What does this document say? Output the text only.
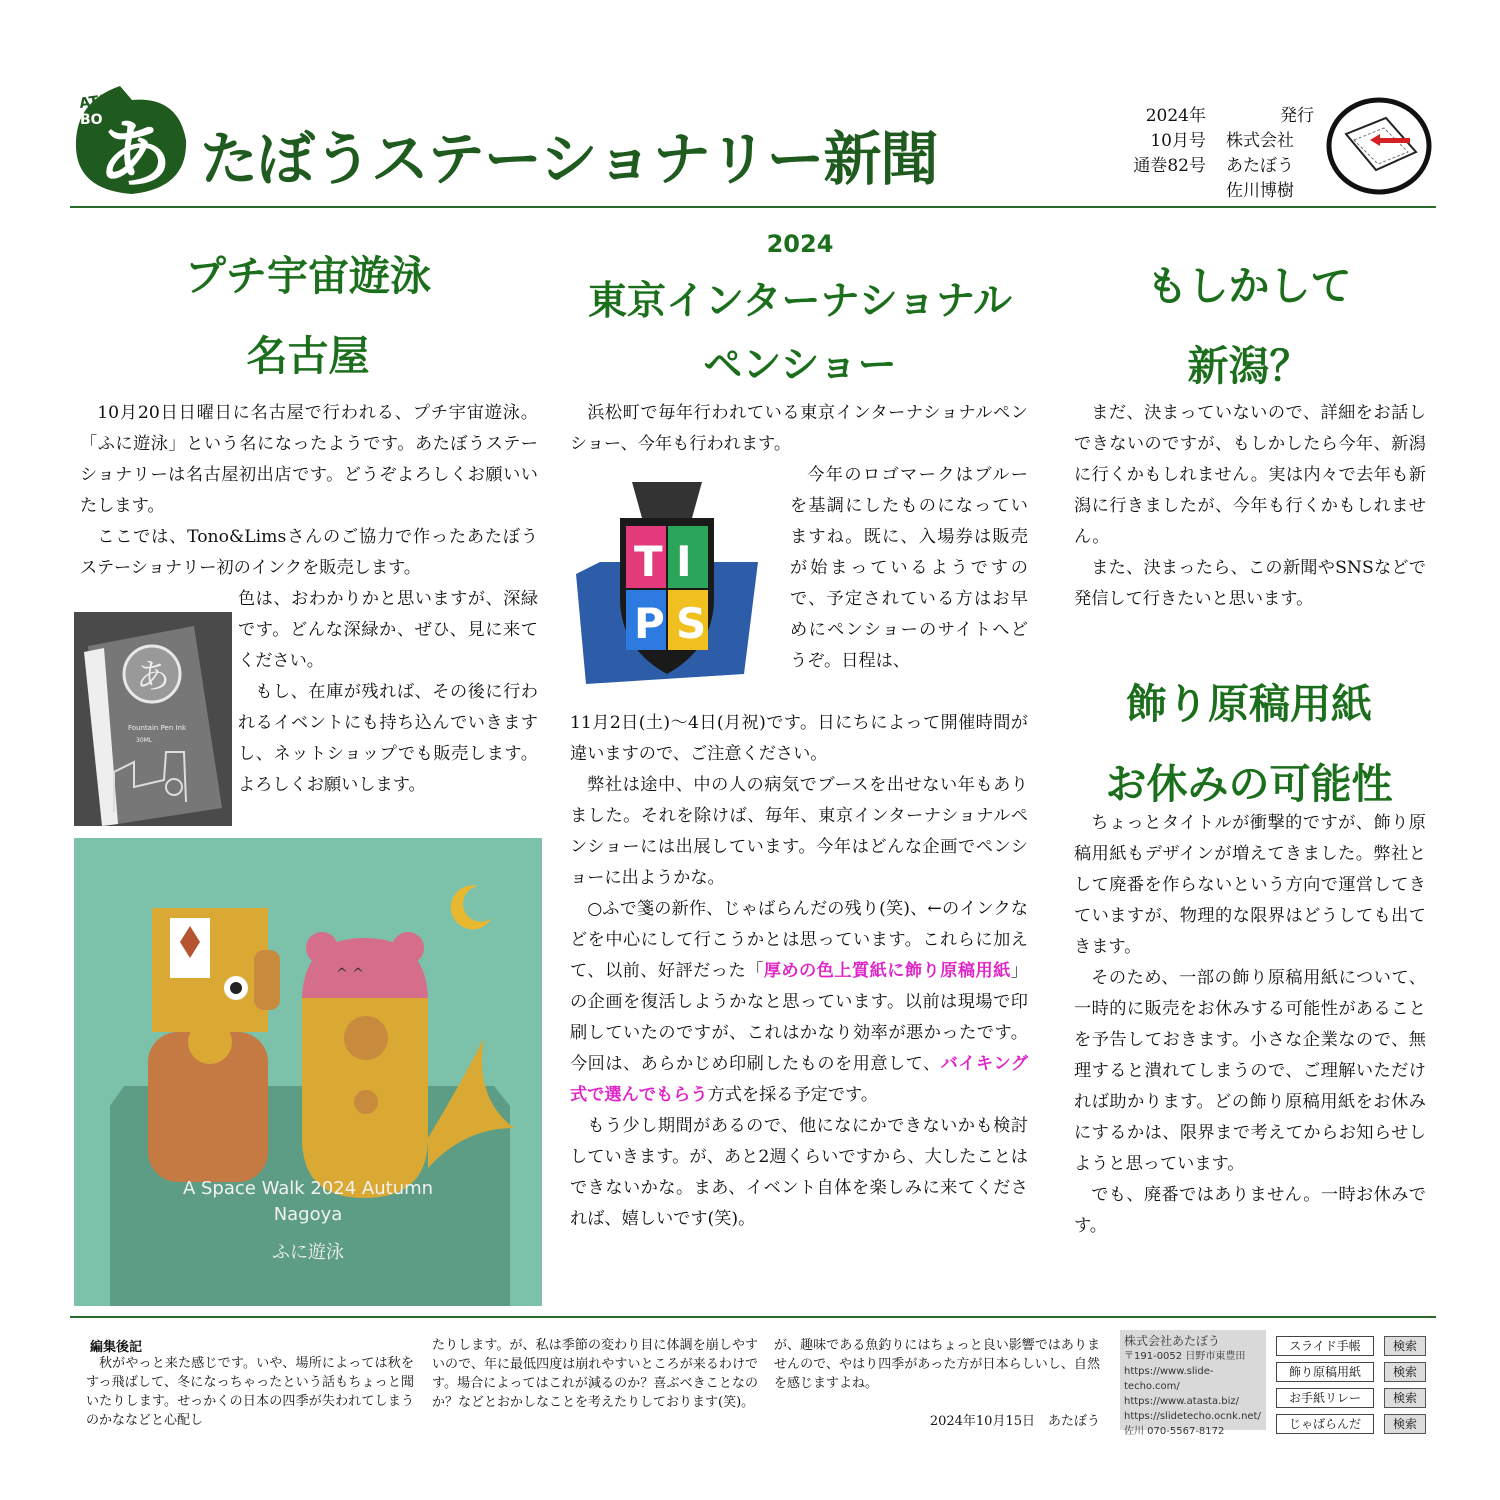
ATA
BO
あ たぼうステーショナリー新聞
2024年
10月号
通巻82号
発行
株式会社
あたぼう
佐川博樹
プチ宇宙遊泳
名古屋

10月20日日曜日に名古屋で行われる、プチ宇宙遊泳。「ふに遊泳」という名になったようです。あたぼうステーショナリーは名古屋初出店です。どうぞよろしくお願いいたします。

ここでは、Tono&Limsさんのご協力で作ったあたぼうステーショナリー初のインクを販売します。

色は、おわかりかと思いますが、深緑です。どんな深緑か、ぜひ、見に来てください。

もし、在庫が残れば、その後に行われるイベントにも持ち込んでいきますし、ネットショップでも販売します。よろしくお願いします。

あ
Fountain Pen Ink
30ML
^ ^
A Space Walk 2024 Autumn
Nagoya
ふに遊泳
2024
東京インターナショナル
ペンショー

浜松町で毎年行われている東京インターナショナルペンショー、今年も行われます。

T I
P S

今年のロゴマークはブルーを基調にしたものになっていますね。既に、入場券は販売が始まっているようですので、予定されている方はお早めにペンショーのサイトへどうぞ。日程は、

11月2日(土)～4日(月祝)です。日にちによって開催時間が違いますので、ご注意ください。

弊社は途中、中の人の病気でブースを出せない年もありました。それを除けば、毎年、東京インターナショナルペンショーには出展しています。今年はどんな企画でペンショーに出ようかな。

○ふで箋の新作、じゃばらんだの残り(笑)、←のインクなどを中心にして行こうかとは思っています。これらに加えて、以前、好評だった「厚めの色上質紙に飾り原稿用紙」の企画を復活しようかなと思っています。以前は現場で印刷していたのですが、これはかなり効率が悪かったです。今回は、あらかじめ印刷したものを用意して、バイキング式で選んでもらう方式を採る予定です。

もう少し期間があるので、他になにかできないかも検討していきます。が、あと2週くらいですから、大したことはできないかな。まあ、イベント自体を楽しみに来てくだされば、嬉しいです(笑)。

もしかして
新潟？

まだ、決まっていないので、詳細をお話しできないのですが、もしかしたら今年、新潟に行くかもしれません。実は内々で去年も新潟に行きましたが、今年も行くかもしれません。

また、決まったら、この新聞やSNSなどで発信して行きたいと思います。

飾り原稿用紙
お休みの可能性

ちょっとタイトルが衝撃的ですが、飾り原稿用紙もデザインが増えてきました。弊社として廃番を作らないという方向で運営してきていますが、物理的な限界はどうしても出てきます。

そのため、一部の飾り原稿用紙について、一時的に販売をお休みする可能性があることを予告しておきます。小さな企業なので、無理すると潰れてしまうので、ご理解いただければ助かります。どの飾り原稿用紙をお休みにするかは、限界まで考えてからお知らせしようと思っています。

でも、廃番ではありません。一時お休みです。

編集後記

秋がやっと来た感じです。いや、場所によっては秋をすっ飛ばして、冬になっちゃったという話もちょっと聞いたりします。せっかくの日本の四季が失われてしまうのかななどと心配し

たりします。が、私は季節の変わり目に体調を崩しやすいので、年に最低四度は崩れやすいところが来るわけです。場合によってはこれが減るのか？喜ぶべきことなのか？などとおかしなことを考えたりしております(笑)。

が、趣味である魚釣りにはちょっと良い影響ではありませんので、やはり四季があった方が日本らしいし、自然を感じますよね。

2024年10月15日　あたぼう
株式会社あたぼう
〒191-0052 日野市東豊田
https://www.slide-techo.com/
https://www.atasta.biz/
https://slidetecho.ocnk.net/
佐川 070-5567-8172
スライド手帳	検索
飾り原稿用紙	検索
お手紙リレー	検索
じゃばらんだ	検索
